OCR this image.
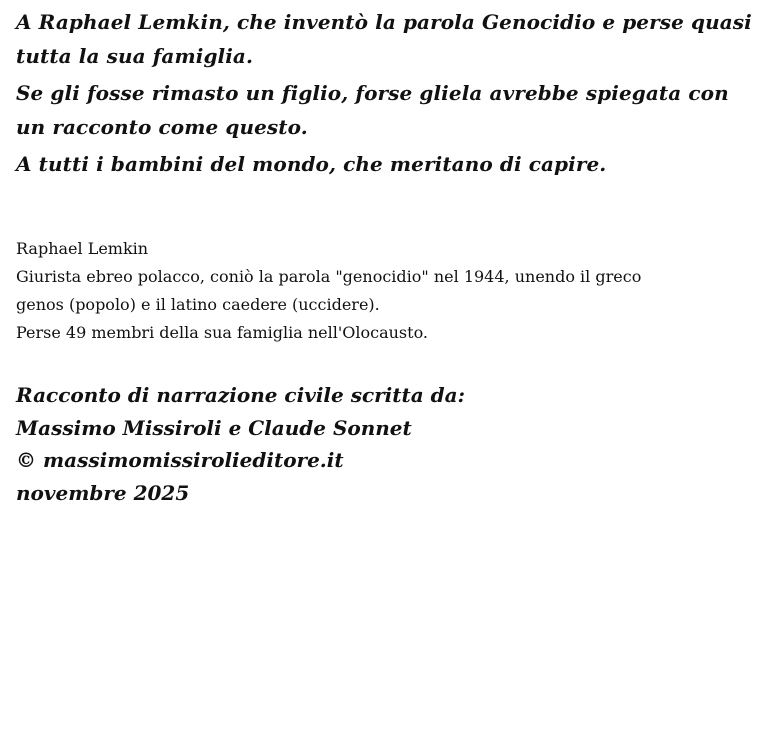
A Raphael Lemkin, che inventò la parola Genocidio e perse quasi tutta la sua famiglia.

Se gli fosse rimasto un figlio, forse gliela avrebbe spiegata con un racconto come questo.

A tutti i bambini del mondo, che meritano di capire.

Raphael Lemkin
Giurista ebreo polacco, coniò la parola "genocidio" nel 1944, unendo il greco
genos (popolo) e il latino caedere (uccidere).
Perse 49 membri della sua famiglia nell'Olocausto.
Racconto di narrazione civile scritta da:
Massimo Missiroli e Claude Sonnet
© massimomissirolieditore.it
novembre 2025
